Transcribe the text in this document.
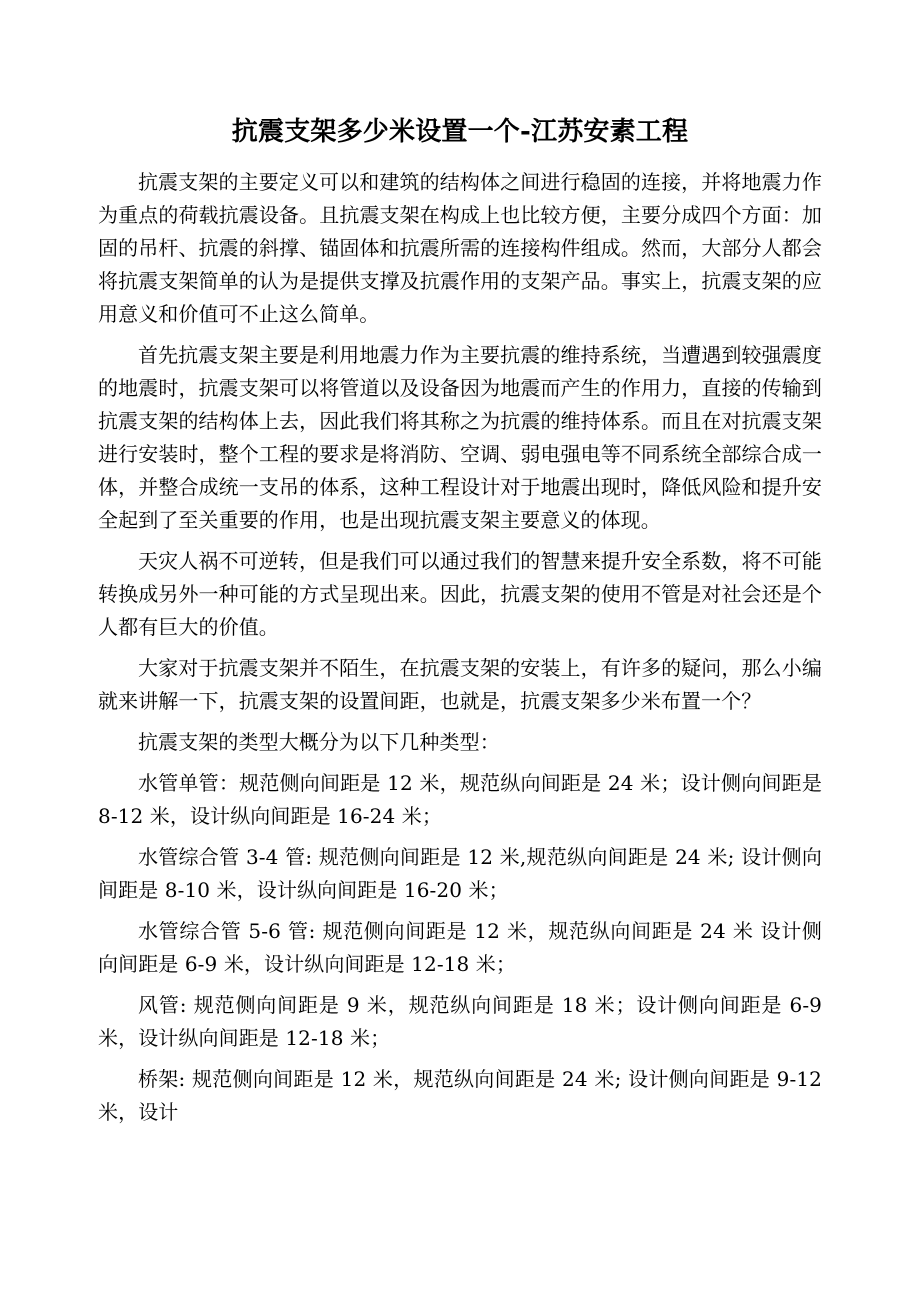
抗震支架多少米设置一个-江苏安素工程

抗震支架的主要定义可以和建筑的结构体之间进行稳固的连接，并将地震力作为重点的荷载抗震设备。且抗震支架在构成上也比较方便，主要分成四个方面：加固的吊杆、抗震的斜撑、锚固体和抗震所需的连接构件组成。然而，大部分人都会将抗震支架简单的认为是提供支撑及抗震作用的支架产品。事实上，抗震支架的应用意义和价值可不止这么简单。

首先抗震支架主要是利用地震力作为主要抗震的维持系统，当遭遇到较强震度的地震时，抗震支架可以将管道以及设备因为地震而产生的作用力，直接的传输到抗震支架的结构体上去，因此我们将其称之为抗震的维持体系。而且在对抗震支架进行安装时，整个工程的要求是将消防、空调、弱电强电等不同系统全部综合成一体，并整合成统一支吊的体系，这种工程设计对于地震出现时，降低风险和提升安全起到了至关重要的作用，也是出现抗震支架主要意义的体现。

天灾人祸不可逆转，但是我们可以通过我们的智慧来提升安全系数，将不可能转换成另外一种可能的方式呈现出来。因此，抗震支架的使用不管是对社会还是个人都有巨大的价值。

大家对于抗震支架并不陌生，在抗震支架的安装上，有许多的疑问，那么小编就来讲解一下，抗震支架的设置间距，也就是，抗震支架多少米布置一个？

抗震支架的类型大概分为以下几种类型：

水管单管：规范侧向间距是 12 米，规范纵向间距是 24 米；设计侧向间距是 8-12 米，设计纵向间距是 16-24 米；

水管综合管 3-4 管: 规范侧向间距是 12 米,规范纵向间距是 24 米; 设计侧向间距是 8-10 米，设计纵向间距是 16-20 米；

水管综合管 5-6 管: 规范侧向间距是 12 米，规范纵向间距是 24 米 设计侧向间距是 6-9 米，设计纵向间距是 12-18 米；

风管: 规范侧向间距是 9 米，规范纵向间距是 18 米；设计侧向间距是 6-9 米，设计纵向间距是 12-18 米；

桥架: 规范侧向间距是 12 米，规范纵向间距是 24 米; 设计侧向间距是 9-12 米，设计
